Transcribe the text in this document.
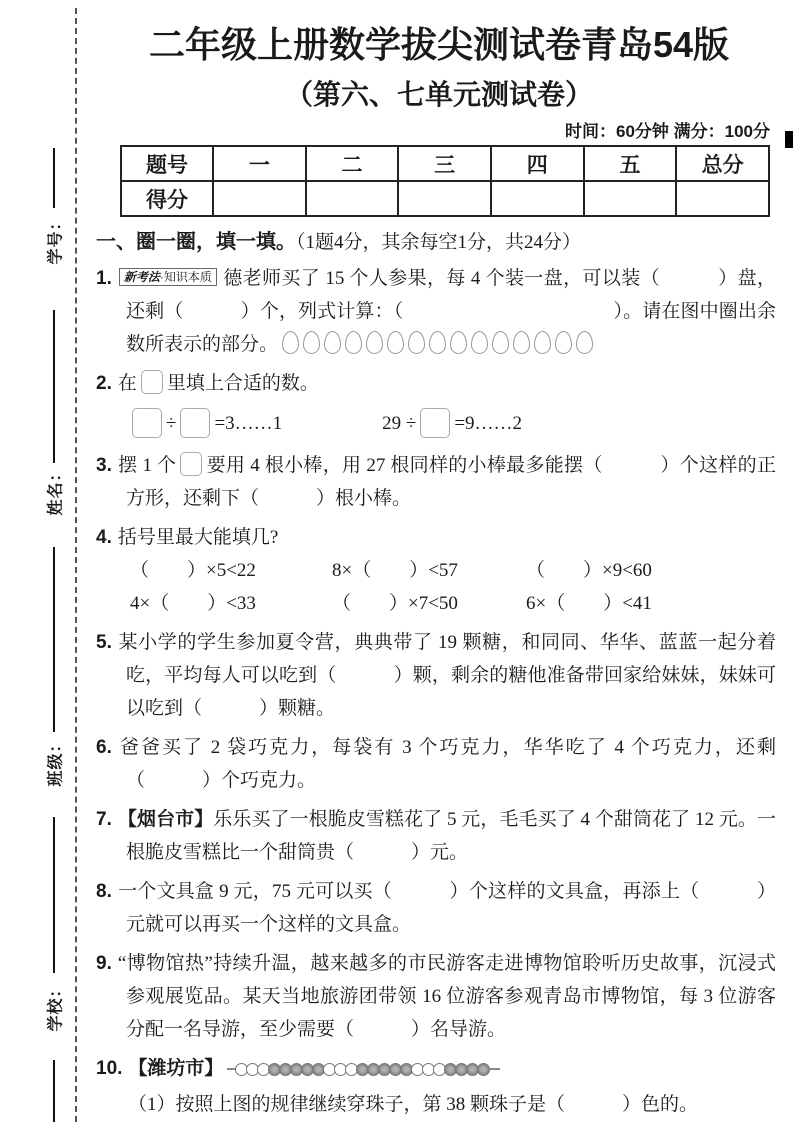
学号：
姓名：
班级：
学校：
二年级上册数学拔尖测试卷青岛54版
（第六、七单元测试卷）
时间：60分钟 满分：100分
题号	一	二	三	四	五	总分
得分						
一、圈一圈，填一填。（1题4分，其余每空1分，共24分）
1. 新考法·知识本质 德老师买了 15 个人参果，每 4 个装一盘，可以装（　　　）盘，还剩（　　　）个，列式计算：（　　　　　　　　　　　）。请在图中圈出余数所表示的部分。
2. 在 里填上合适的数。
÷ =3……1	29 ÷ =9……2
3. 摆 1 个 要用 4 根小棒，用 27 根同样的小棒最多能摆（　　　）个这样的正方形，还剩下（　　　）根小棒。
4. 括号里最大能填几?
（　　）×5<22	8×（　　）<57	（　　）×9<60
4×（　　）<33	（　　）×7<50	6×（　　）<41
5. 某小学的学生参加夏令营，典典带了 19 颗糖，和同同、华华、蓝蓝一起分着吃，平均每人可以吃到（　　　）颗，剩余的糖他准备带回家给妹妹，妹妹可以吃到（　　　）颗糖。
6. 爸爸买了 2 袋巧克力，每袋有 3 个巧克力，华华吃了 4 个巧克力，还剩（　　　）个巧克力。
7. 【烟台市】乐乐买了一根脆皮雪糕花了 5 元，毛毛买了 4 个甜筒花了 12 元。一根脆皮雪糕比一个甜筒贵（　　　）元。
8. 一个文具盒 9 元，75 元可以买（　　　）个这样的文具盒，再添上（　　　）元就可以再买一个这样的文具盒。
9. “博物馆热”持续升温，越来越多的市民游客走进博物馆聆听历史故事，沉浸式参观展览品。某天当地旅游团带领 16 位游客参观青岛市博物馆，每 3 位游客分配一名导游，至少需要（　　　）名导游。
10. 【潍坊市】
（1）按照上图的规律继续穿珠子，第 38 颗珠子是（　　　）色的。
